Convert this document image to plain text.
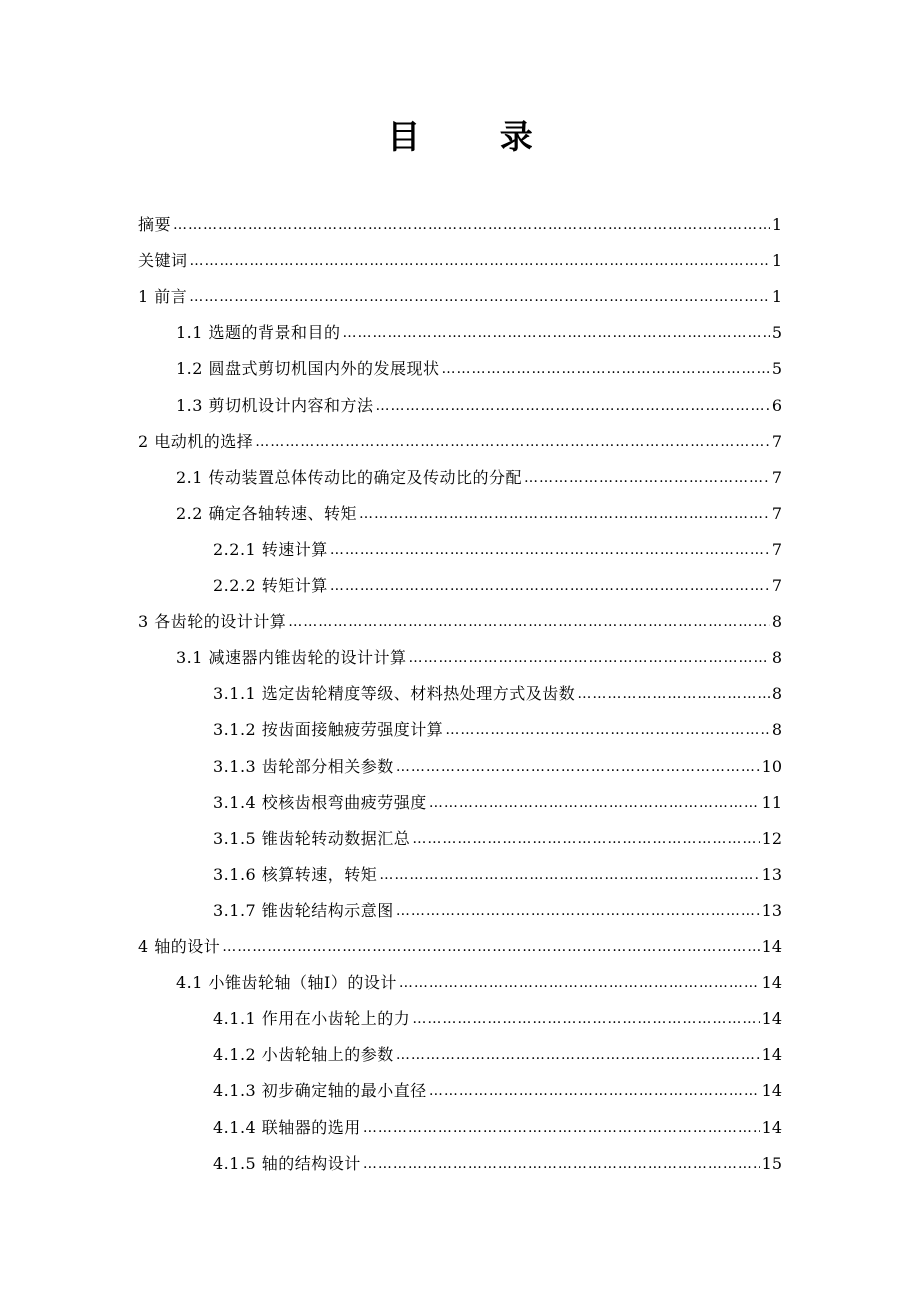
目 录
摘要 …………………………………………………………………………………………………………………………………………………………………………………	1
关键词 …………………………………………………………………………………………………………………………………………………………………………………	1
1 前言 …………………………………………………………………………………………………………………………………………………………………………………	1
1.1 选题的背景和目的 …………………………………………………………………………………………………………………………………………………………………………………	5
1.2 圆盘式剪切机国内外的发展现状 …………………………………………………………………………………………………………………………………………………………………………………	5
1.3 剪切机设计内容和方法 …………………………………………………………………………………………………………………………………………………………………………………	6
2 电动机的选择 …………………………………………………………………………………………………………………………………………………………………………………	7
2.1 传动装置总体传动比的确定及传动比的分配 …………………………………………………………………………………………………………………………………………………………………………………	7
2.2 确定各轴转速、转矩 …………………………………………………………………………………………………………………………………………………………………………………	7
2.2.1 转速计算 …………………………………………………………………………………………………………………………………………………………………………………	7
2.2.2 转矩计算 …………………………………………………………………………………………………………………………………………………………………………………	7
3 各齿轮的设计计算 …………………………………………………………………………………………………………………………………………………………………………………	8
3.1 减速器内锥齿轮的设计计算 …………………………………………………………………………………………………………………………………………………………………………………	8
3.1.1 选定齿轮精度等级、材料热处理方式及齿数 …………………………………………………………………………………………………………………………………………………………………………………	8
3.1.2 按齿面接触疲劳强度计算 …………………………………………………………………………………………………………………………………………………………………………………	8
3.1.3 齿轮部分相关参数 …………………………………………………………………………………………………………………………………………………………………………………	10
3.1.4 校核齿根弯曲疲劳强度 …………………………………………………………………………………………………………………………………………………………………………………	11
3.1.5 锥齿轮转动数据汇总 …………………………………………………………………………………………………………………………………………………………………………………	12
3.1.6 核算转速，转矩 …………………………………………………………………………………………………………………………………………………………………………………	13
3.1.7 锥齿轮结构示意图 …………………………………………………………………………………………………………………………………………………………………………………	13
4 轴的设计 …………………………………………………………………………………………………………………………………………………………………………………	14
4.1 小锥齿轮轴（轴Ⅰ）的设计 …………………………………………………………………………………………………………………………………………………………………………………	14
4.1.1 作用在小齿轮上的力 …………………………………………………………………………………………………………………………………………………………………………………	14
4.1.2 小齿轮轴上的参数 …………………………………………………………………………………………………………………………………………………………………………………	14
4.1.3 初步确定轴的最小直径 …………………………………………………………………………………………………………………………………………………………………………………	14
4.1.4 联轴器的选用 …………………………………………………………………………………………………………………………………………………………………………………	14
4.1.5 轴的结构设计 …………………………………………………………………………………………………………………………………………………………………………………	15
